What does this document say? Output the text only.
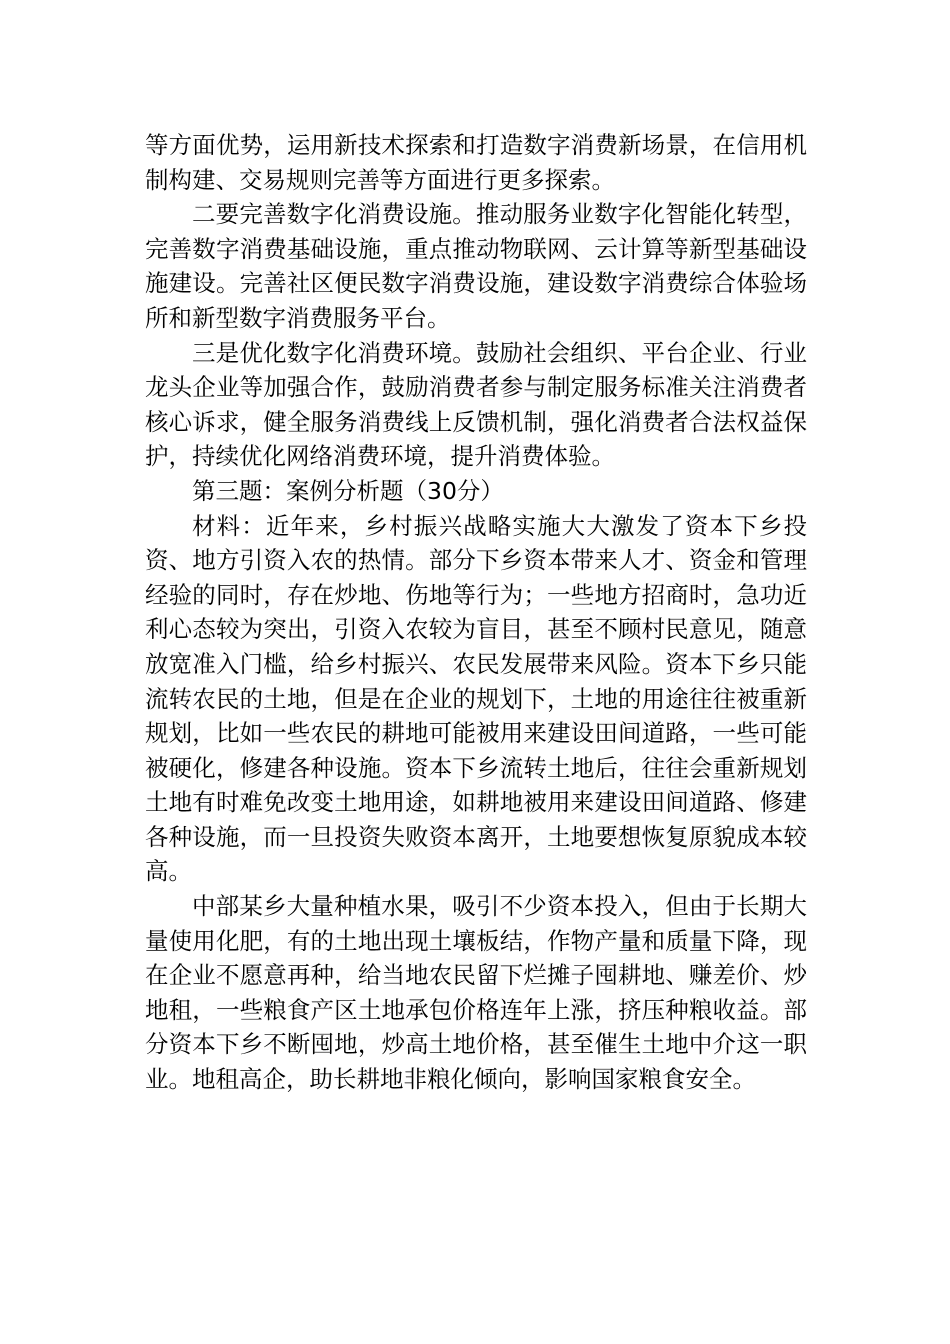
等方面优势，运用新技术探索和打造数字消费新场景，在信用机制构建、交易规则完善等方面进行更多探索。

二要完善数字化消费设施。推动服务业数字化智能化转型，完善数字消费基础设施，重点推动物联网、云计算等新型基础设施建设。完善社区便民数字消费设施，建设数字消费综合体验场所和新型数字消费服务平台。

三是优化数字化消费环境。鼓励社会组织、平台企业、行业龙头企业等加强合作，鼓励消费者参与制定服务标准关注消费者核心诉求，健全服务消费线上反馈机制，强化消费者合法权益保护，持续优化网络消费环境，提升消费体验。

第三题：案例分析题（30分）

材料：近年来，乡村振兴战略实施大大激发了资本下乡投资、地方引资入农的热情。部分下乡资本带来人才、资金和管理经验的同时，存在炒地、伤地等行为；一些地方招商时，急功近利心态较为突出，引资入农较为盲目，甚至不顾村民意见，随意放宽准入门槛，给乡村振兴、农民发展带来风险。资本下乡只能流转农民的土地，但是在企业的规划下，土地的用途往往被重新规划，比如一些农民的耕地可能被用来建设田间道路，一些可能被硬化，修建各种设施。资本下乡流转土地后，往往会重新规划土地有时难免改变土地用途，如耕地被用来建设田间道路、修建各种设施，而一旦投资失败资本离开，土地要想恢复原貌成本较高。

中部某乡大量种植水果，吸引不少资本投入，但由于长期大量使用化肥，有的土地出现土壤板结，作物产量和质量下降，现在企业不愿意再种，给当地农民留下烂摊子囤耕地、赚差价、炒地租，一些粮食产区土地承包价格连年上涨，挤压种粮收益。部分资本下乡不断囤地，炒高土地价格，甚至催生土地中介这一职业。地租高企，助长耕地非粮化倾向，影响国家粮食安全。
